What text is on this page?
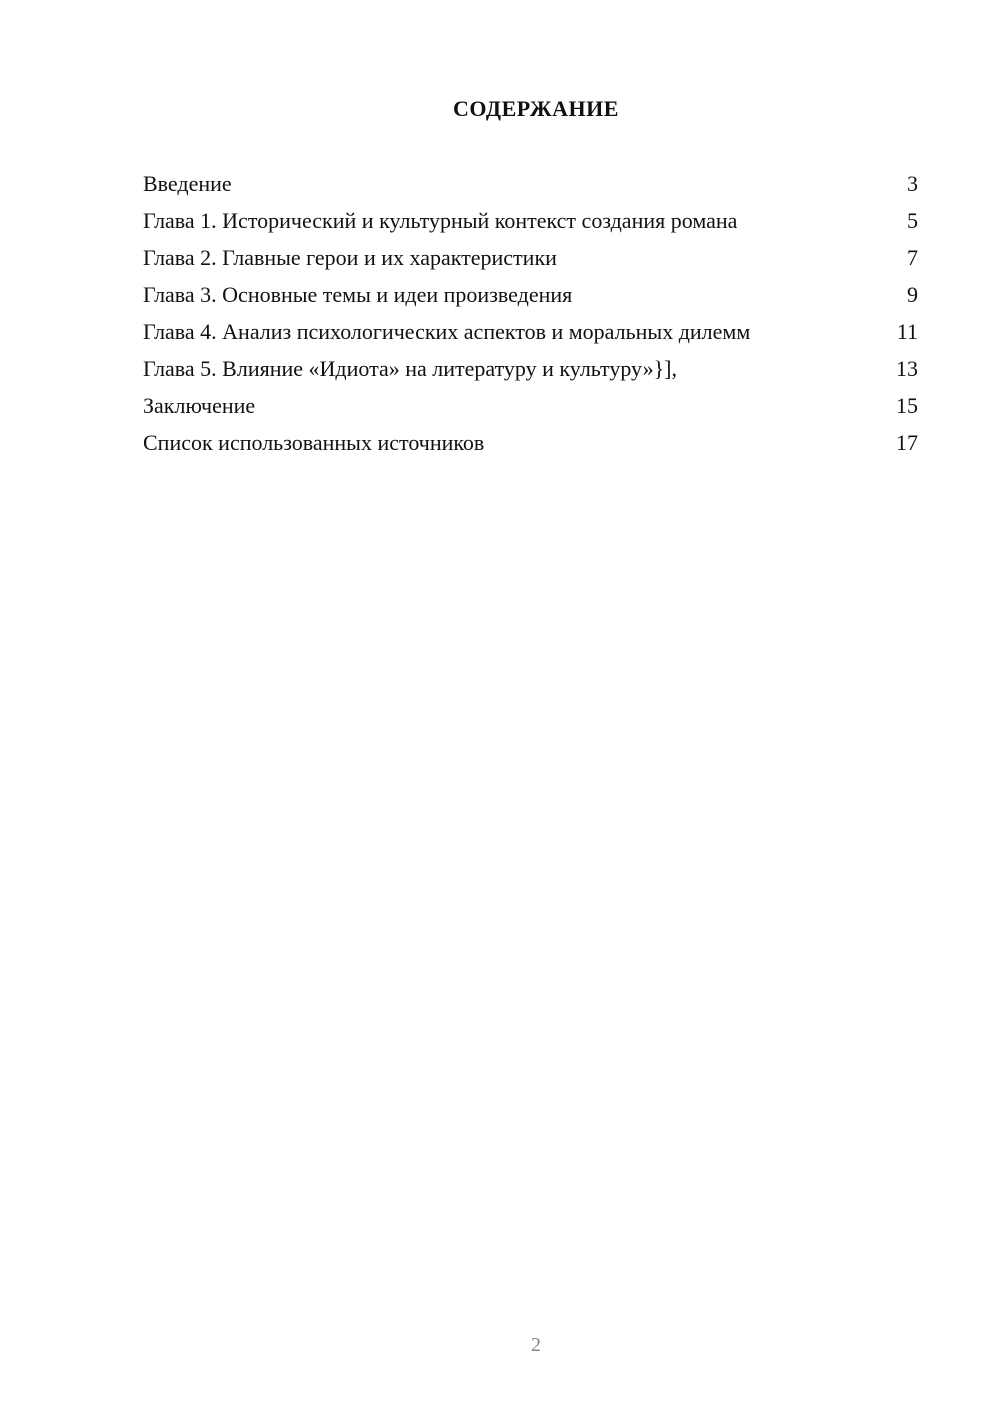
СОДЕРЖАНИЕ
Введение	3
Глава 1. Исторический и культурный контекст создания романа	5
Глава 2. Главные герои и их характеристики	7
Глава 3. Основные темы и идеи произведения	9
Глава 4. Анализ психологических аспектов и моральных дилемм	11
Глава 5. Влияние «Идиота» на литературу и культуру»}],	13
Заключение	15
Список использованных источников	17
2
